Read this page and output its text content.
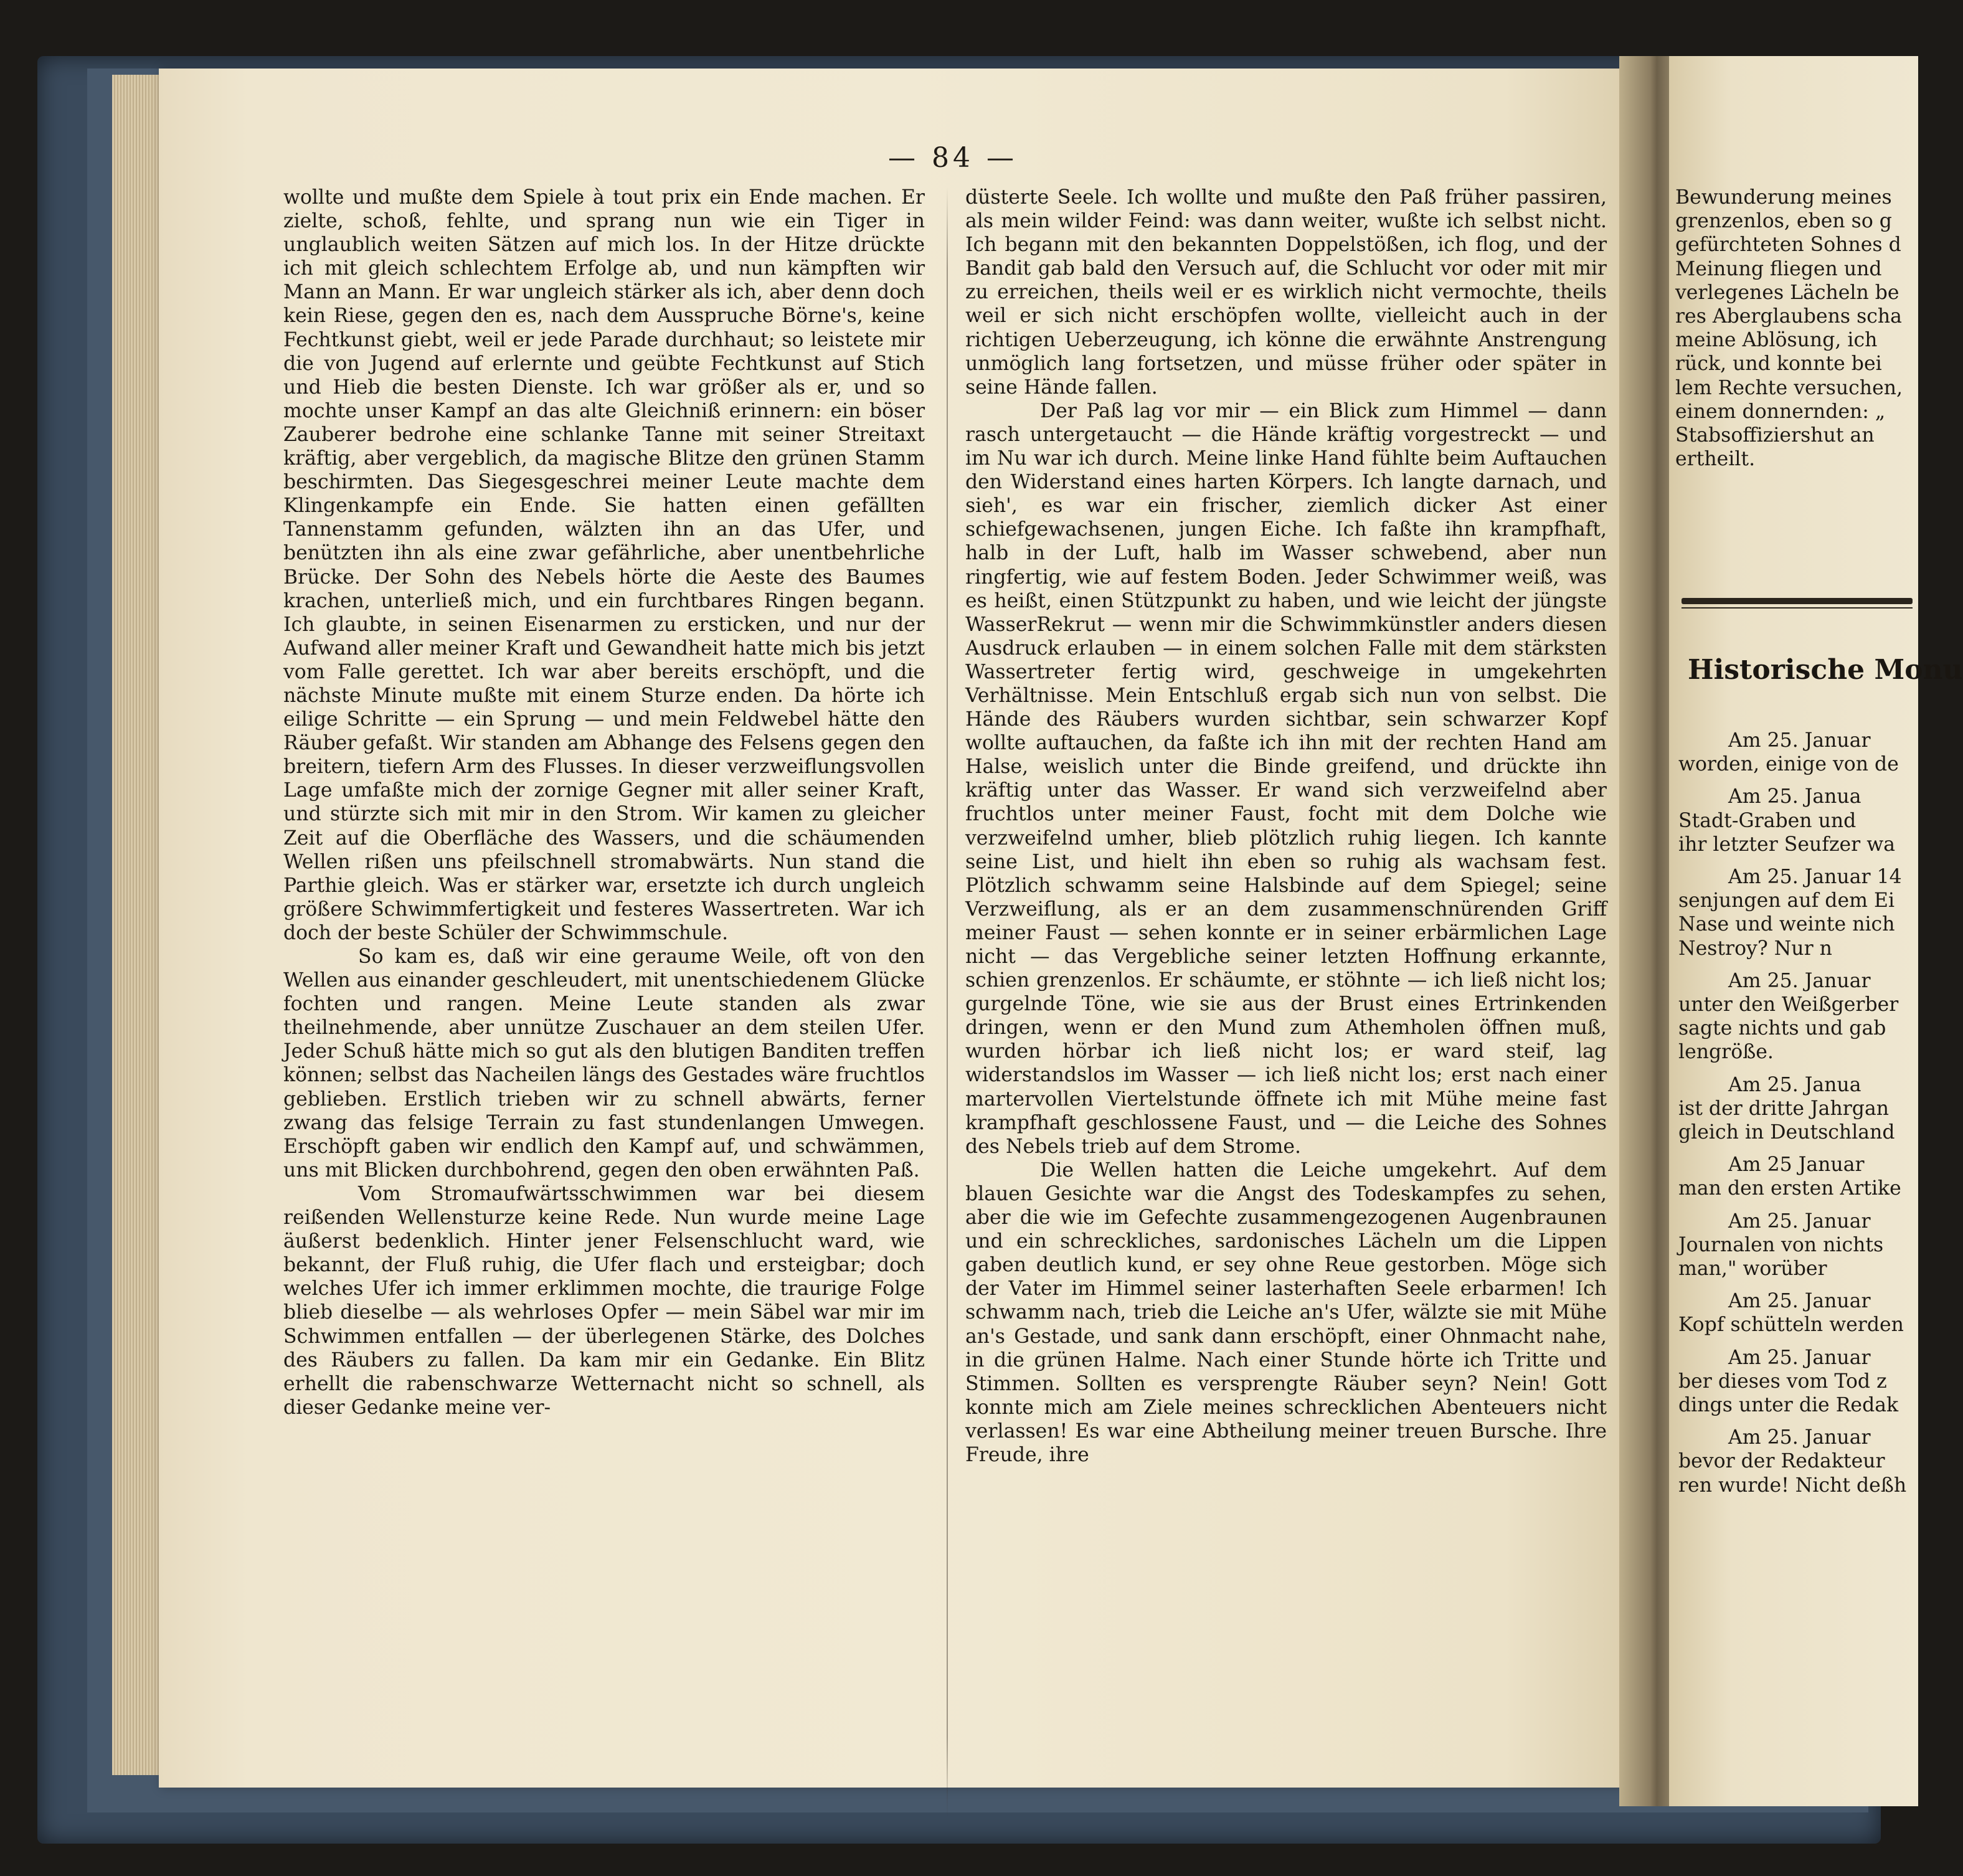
— 84 —

wollte und mußte dem Spiele à tout prix ein Ende machen. Er zielte, schoß, fehlte, und sprang nun wie ein Tiger in unglaublich weiten Sätzen auf mich los. In der Hitze drückte ich mit gleich schlechtem Erfolge ab, und nun kämpften wir Mann an Mann. Er war ungleich stärker als ich, aber denn doch kein Riese, gegen den es, nach dem Ausspruche Börne's, keine Fechtkunst giebt, weil er jede Parade durchhaut; so leistete mir die von Jugend auf erlernte und geübte Fechtkunst auf Stich und Hieb die besten Dienste. Ich war größer als er, und so mochte unser Kampf an das alte Gleichniß erinnern: ein böser Zauberer bedrohe eine schlanke Tanne mit seiner Streitaxt kräftig, aber vergeblich, da magische Blitze den grünen Stamm beschirmten. Das Siegesgeschrei meiner Leute machte dem Klingenkampfe ein Ende. Sie hatten einen gefällten Tannenstamm gefunden, wälzten ihn an das Ufer, und benützten ihn als eine zwar gefährliche, aber unentbehrliche Brücke. Der Sohn des Nebels hörte die Aeste des Baumes krachen, unterließ mich, und ein furchtbares Ringen begann. Ich glaubte, in seinen Eisenarmen zu ersticken, und nur der Aufwand aller meiner Kraft und Gewandheit hatte mich bis jetzt vom Falle gerettet. Ich war aber bereits erschöpft, und die nächste Minute mußte mit einem Sturze enden. Da hörte ich eilige Schritte — ein Sprung — und mein Feldwebel hätte den Räuber gefaßt. Wir standen am Abhange des Felsens gegen den breitern, tiefern Arm des Flusses. In dieser verzweiflungsvollen Lage umfaßte mich der zornige Gegner mit aller seiner Kraft, und stürzte sich mit mir in den Strom. Wir kamen zu gleicher Zeit auf die Oberfläche des Wassers, und die schäumenden Wellen rißen uns pfeilschnell stromabwärts. Nun stand die Parthie gleich. Was er stärker war, ersetzte ich durch ungleich größere Schwimmfertigkeit und festeres Wassertreten. War ich doch der beste Schüler der Schwimmschule.

So kam es, daß wir eine geraume Weile, oft von den Wellen aus einander geschleudert, mit unentschiedenem Glücke fochten und rangen. Meine Leute standen als zwar theilnehmende, aber unnütze Zuschauer an dem steilen Ufer. Jeder Schuß hätte mich so gut als den blutigen Banditen treffen können; selbst das Nacheilen längs des Gestades wäre fruchtlos geblieben. Erstlich trieben wir zu schnell abwärts, ferner zwang das felsige Terrain zu fast stundenlangen Umwegen. Erschöpft gaben wir endlich den Kampf auf, und schwämmen, uns mit Blicken durchbohrend, gegen den oben erwähnten Paß.

Vom Stromaufwärtsschwimmen war bei diesem reißenden Wellensturze keine Rede. Nun wurde meine Lage äußerst bedenklich. Hinter jener Felsenschlucht ward, wie bekannt, der Fluß ruhig, die Ufer flach und ersteigbar; doch welches Ufer ich immer erklimmen mochte, die traurige Folge blieb dieselbe — als wehrloses Opfer — mein Säbel war mir im Schwimmen entfallen — der überlegenen Stärke, des Dolches des Räubers zu fallen. Da kam mir ein Gedanke. Ein Blitz erhellt die rabenschwarze Wetternacht nicht so schnell, als dieser Gedanke meine ver-

düsterte Seele. Ich wollte und mußte den Paß früher passiren, als mein wilder Feind: was dann weiter, wußte ich selbst nicht. Ich begann mit den bekannten Doppelstößen, ich flog, und der Bandit gab bald den Versuch auf, die Schlucht vor oder mit mir zu erreichen, theils weil er es wirklich nicht vermochte, theils weil er sich nicht erschöpfen wollte, vielleicht auch in der richtigen Ueberzeugung, ich könne die erwähnte Anstrengung unmöglich lang fortsetzen, und müsse früher oder später in seine Hände fallen.

Der Paß lag vor mir — ein Blick zum Himmel — dann rasch untergetaucht — die Hände kräftig vorgestreckt — und im Nu war ich durch. Meine linke Hand fühlte beim Auftauchen den Widerstand eines harten Körpers. Ich langte darnach, und sieh', es war ein frischer, ziemlich dicker Ast einer schiefgewachsenen, jungen Eiche. Ich faßte ihn krampfhaft, halb in der Luft, halb im Wasser schwebend, aber nun ringfertig, wie auf festem Boden. Jeder Schwimmer weiß, was es heißt, einen Stützpunkt zu haben, und wie leicht der jüngste WasserRekrut — wenn mir die Schwimmkünstler anders diesen Ausdruck erlauben — in einem solchen Falle mit dem stärksten Wassertreter fertig wird, geschweige in umgekehrten Verhältnisse. Mein Entschluß ergab sich nun von selbst. Die Hände des Räubers wurden sichtbar, sein schwarzer Kopf wollte auftauchen, da faßte ich ihn mit der rechten Hand am Halse, weislich unter die Binde greifend, und drückte ihn kräftig unter das Wasser. Er wand sich verzweifelnd aber fruchtlos unter meiner Faust, focht mit dem Dolche wie verzweifelnd umher, blieb plötzlich ruhig liegen. Ich kannte seine List, und hielt ihn eben so ruhig als wachsam fest. Plötzlich schwamm seine Halsbinde auf dem Spiegel; seine Verzweiflung, als er an dem zusammenschnürenden Griff meiner Faust — sehen konnte er in seiner erbärmlichen Lage nicht — das Vergebliche seiner letzten Hoffnung erkannte, schien grenzenlos. Er schäumte, er stöhnte — ich ließ nicht los; gurgelnde Töne, wie sie aus der Brust eines Ertrinkenden dringen, wenn er den Mund zum Athemholen öffnen muß, wurden hörbar ich ließ nicht los; er ward steif, lag widerstandslos im Wasser — ich ließ nicht los; erst nach einer martervollen Viertelstunde öffnete ich mit Mühe meine fast krampfhaft geschlossene Faust, und — die Leiche des Sohnes des Nebels trieb auf dem Strome.

Die Wellen hatten die Leiche umgekehrt. Auf dem blauen Gesichte war die Angst des Todeskampfes zu sehen, aber die wie im Gefechte zusammengezogenen Augenbraunen und ein schreckliches, sardonisches Lächeln um die Lippen gaben deutlich kund, er sey ohne Reue gestorben. Möge sich der Vater im Himmel seiner lasterhaften Seele erbarmen! Ich schwamm nach, trieb die Leiche an's Ufer, wälzte sie mit Mühe an's Gestade, und sank dann erschöpft, einer Ohnmacht nahe, in die grünen Halme. Nach einer Stunde hörte ich Tritte und Stimmen. Sollten es versprengte Räuber seyn? Nein! Gott konnte mich am Ziele meines schrecklichen Abenteuers nicht verlassen! Es war eine Abtheilung meiner treuen Bursche. Ihre Freude, ihre

Bewunderung meines
grenzenlos, eben so g
gefürchteten Sohnes d
Meinung fliegen und
verlegenes Lächeln be
res Aberglaubens scha
meine Ablösung, ich
rück, und konnte bei
lem Rechte versuchen,
einem donnernden: „
Stabsoffiziershut an
ertheilt.
Historische Monu
Am 25. Januar
worden, einige von de
Am 25. Janua
Stadt-Graben und
ihr letzter Seufzer wa
Am 25. Januar 14
senjungen auf dem Ei
Nase und weinte nich
Nestroy? Nur n
Am 25. Januar
unter den Weißgerber
sagte nichts und gab
lengröße.
Am 25. Janua
ist der dritte Jahrgan
gleich in Deutschland
Am 25 Januar
man den ersten Artike
Am 25. Januar
Journalen von nichts
man," worüber
Am 25. Januar
Kopf schütteln werden
Am 25. Januar
ber dieses vom Tod z
dings unter die Redak
Am 25. Januar
bevor der Redakteur
ren wurde! Nicht deßh
